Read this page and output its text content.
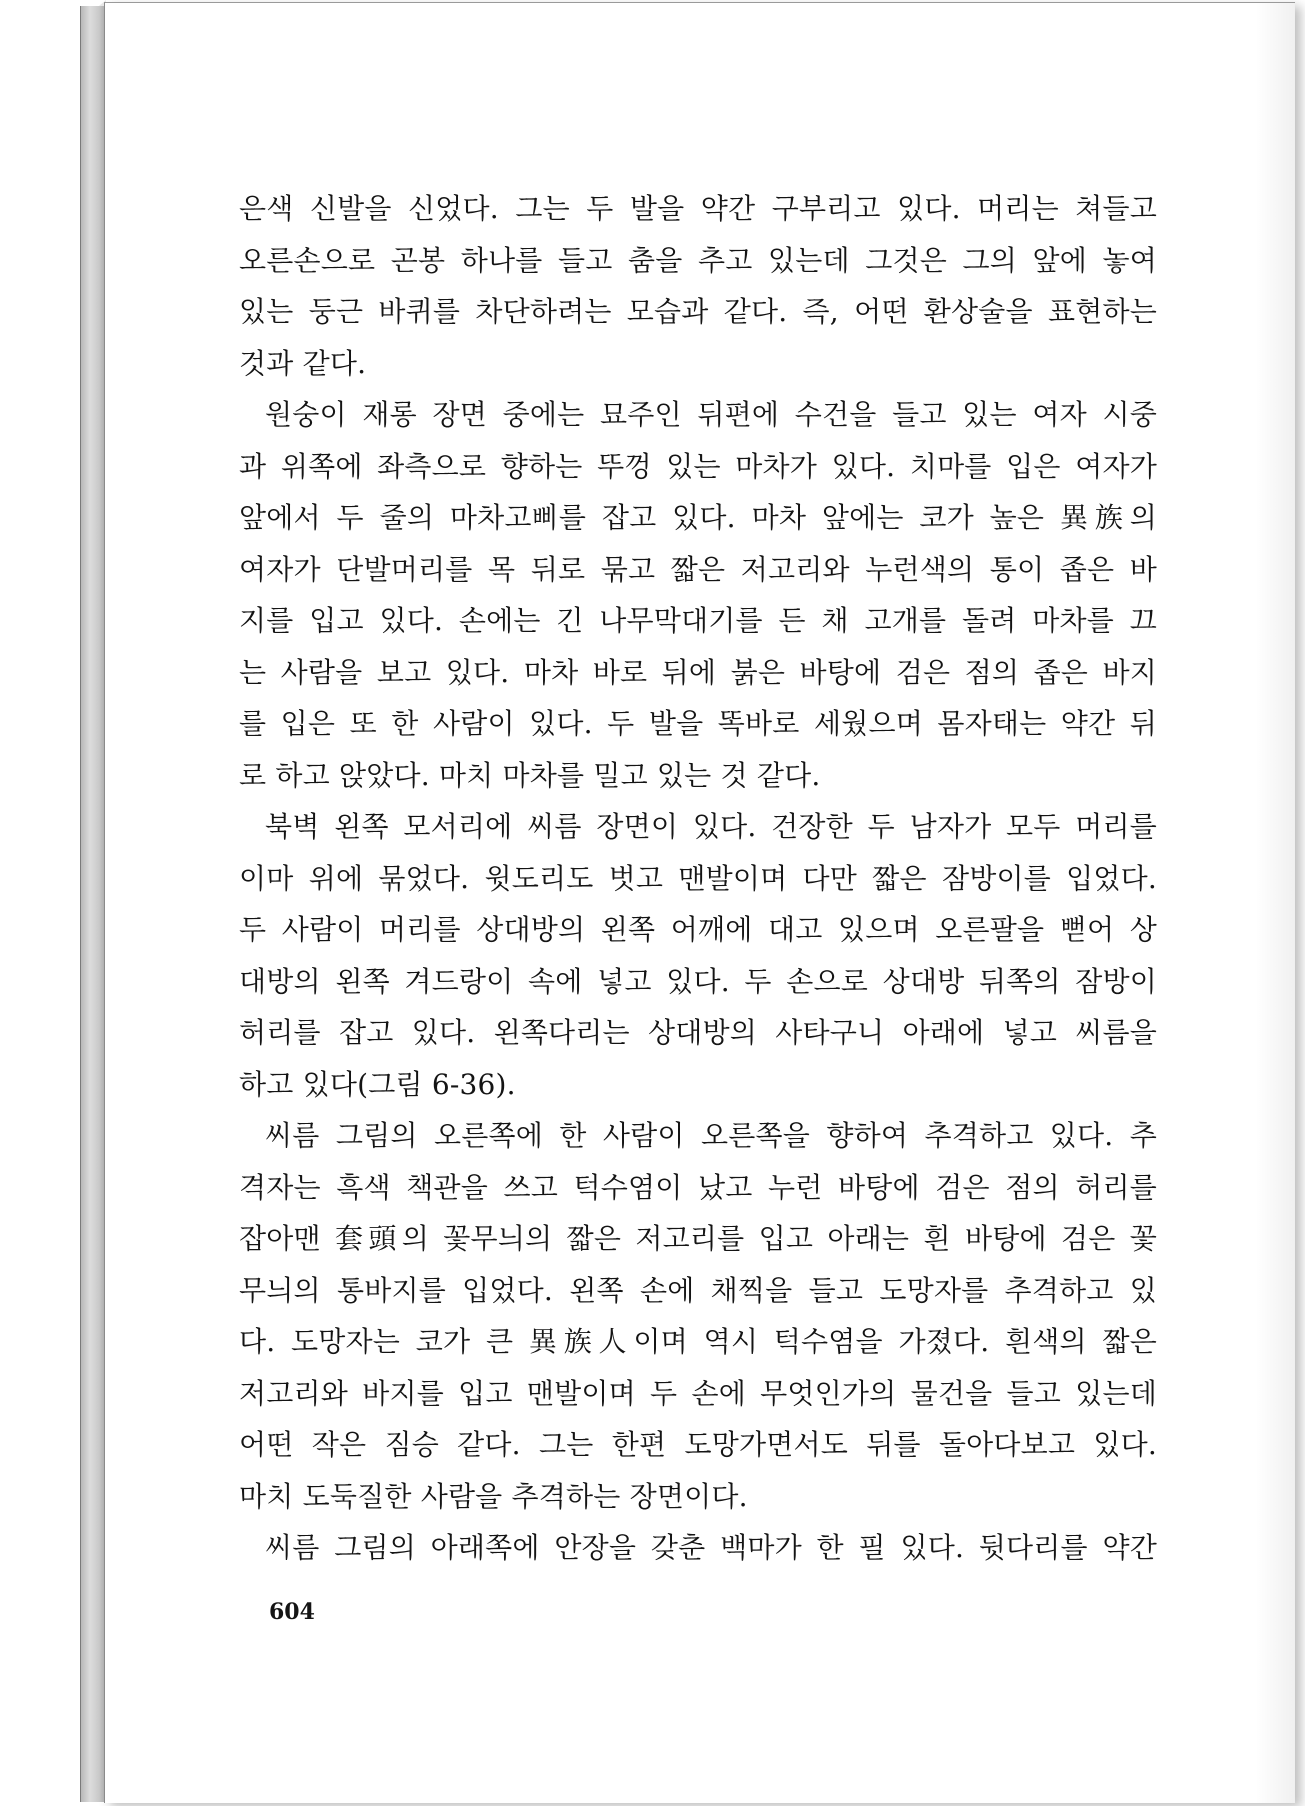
은색 신발을 신었다. 그는 두 발을 약간 구부리고 있다. 머리는 쳐들고
오른손으로 곤봉 하나를 들고 춤을 추고 있는데 그것은 그의 앞에 놓여
있는 둥근 바퀴를 차단하려는 모습과 같다. 즉, 어떤 환상술을 표현하는
것과 같다.
원숭이 재롱 장면 중에는 묘주인 뒤편에 수건을 들고 있는 여자 시중
과 위쪽에 좌측으로 향하는 뚜껑 있는 마차가 있다. 치마를 입은 여자가
앞에서 두 줄의 마차고삐를 잡고 있다. 마차 앞에는 코가 높은 異族의
여자가 단발머리를 목 뒤로 묶고 짧은 저고리와 누런색의 통이 좁은 바
지를 입고 있다. 손에는 긴 나무막대기를 든 채 고개를 돌려 마차를 끄
는 사람을 보고 있다. 마차 바로 뒤에 붉은 바탕에 검은 점의 좁은 바지
를 입은 또 한 사람이 있다. 두 발을 똑바로 세웠으며 몸자태는 약간 뒤
로 하고 앉았다. 마치 마차를 밀고 있는 것 같다.
북벽 왼쪽 모서리에 씨름 장면이 있다. 건장한 두 남자가 모두 머리를
이마 위에 묶었다. 윗도리도 벗고 맨발이며 다만 짧은 잠방이를 입었다.
두 사람이 머리를 상대방의 왼쪽 어깨에 대고 있으며 오른팔을 뻗어 상
대방의 왼쪽 겨드랑이 속에 넣고 있다. 두 손으로 상대방 뒤쪽의 잠방이
허리를 잡고 있다. 왼쪽다리는 상대방의 사타구니 아래에 넣고 씨름을
하고 있다(그림 6-36).
씨름 그림의 오른쪽에 한 사람이 오른쪽을 향하여 추격하고 있다. 추
격자는 흑색 책관을 쓰고 턱수염이 났고 누런 바탕에 검은 점의 허리를
잡아맨 套頭의 꽃무늬의 짧은 저고리를 입고 아래는 흰 바탕에 검은 꽃
무늬의 통바지를 입었다. 왼쪽 손에 채찍을 들고 도망자를 추격하고 있
다. 도망자는 코가 큰 異族人이며 역시 턱수염을 가졌다. 흰색의 짧은
저고리와 바지를 입고 맨발이며 두 손에 무엇인가의 물건을 들고 있는데
어떤 작은 짐승 같다. 그는 한편 도망가면서도 뒤를 돌아다보고 있다.
마치 도둑질한 사람을 추격하는 장면이다.
씨름 그림의 아래쪽에 안장을 갖춘 백마가 한 필 있다. 뒷다리를 약간
604
